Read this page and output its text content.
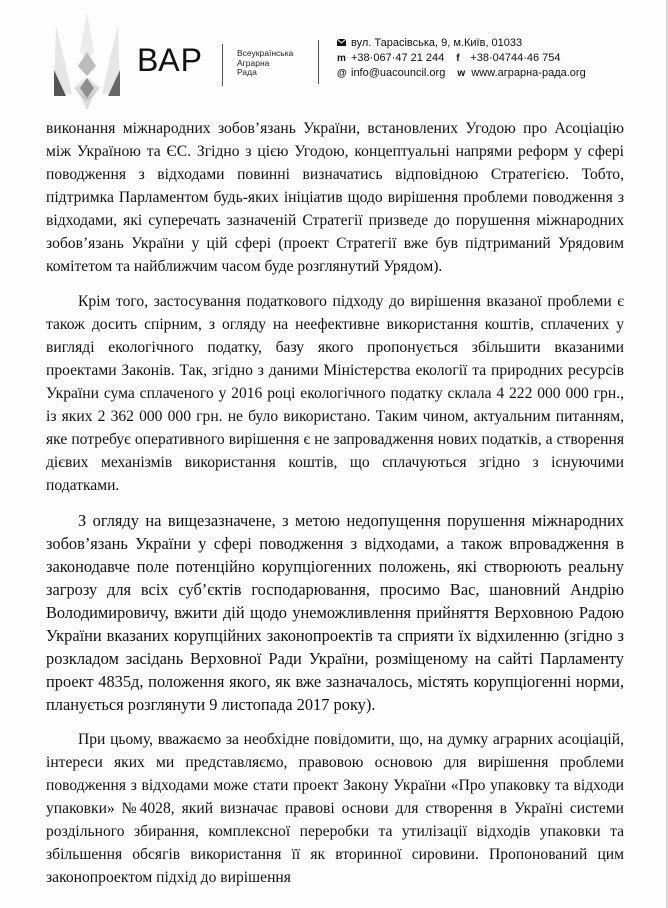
ВАР	Всеукраїнська
Аграрна
Рада
вул. Тарасівська, 9, м.Київ, 01033
m +38·067·47 21 244 f +38·04744·46 754
@ info@uacouncil.org w www.аграрна-рада.org

виконання міжнародних зобов’язань України, встановлених Угодою про Асоціацію між Україною та ЄС. Згідно з цією Угодою, концептуальні напрями реформ у сфері поводження з відходами повинні визначатись відповідною Стратегією. Тобто, підтримка Парламентом будь-яких ініціатив щодо вирішення проблеми поводження з відходами, які суперечать зазначеній Стратегії призведе до порушення міжнародних зобов’язань України у цій сфері (проект Стратегії вже був підтриманий Урядовим комітетом та найближчим часом буде розглянутий Урядом).

Крім того, застосування податкового підходу до вирішення вказаної проблеми є також досить спірним, з огляду на неефективне використання коштів, сплачених у вигляді екологічного податку, базу якого пропонується збільшити вказаними проектами Законів. Так, згідно з даними Міністерства екології та природних ресурсів України сума сплаченого у 2016 році екологічного податку склала 4 222 000 000 грн., із яких 2 362 000 000 грн. не було використано. Таким чином, актуальним питанням, яке потребує оперативного вирішення є не запровадження нових податків, а створення дієвих механізмів використання коштів, що сплачуються згідно з існуючими податками.

З огляду на вищезазначене, з метою недопущення порушення міжнародних зобов’язань України у сфері поводження з відходами, а також впровадження в законодавче поле потенційно корупціогенних положень, які створюють реальну загрозу для всіх суб’єктів господарювання, просимо Вас, шановний Андрію Володимировичу, вжити дій щодо унеможливлення прийняття Верховною Радою України вказаних корупційних законопроектів та сприяти їх відхиленню (згідно з розкладом засідань Верховної Ради України, розміщеному на сайті Парламенту проект 4835д, положення якого, як вже зазначалось, містять корупціогенні норми, планується розглянути 9 листопада 2017 року).

При цьому, вважаємо за необхідне повідомити, що, на думку аграрних асоціацій, інтереси яких ми представляємо, правовою основою для вирішення проблеми поводження з відходами може стати проект Закону України «Про упаковку та відходи упаковки» №4028, який визначає правові основи для створення в Україні системи роздільного збирання, комплексної переробки та утилізації відходів упаковки та збільшення обсягів використання її як вторинної сировини. Пропонований цим законопроектом підхід до вирішення
